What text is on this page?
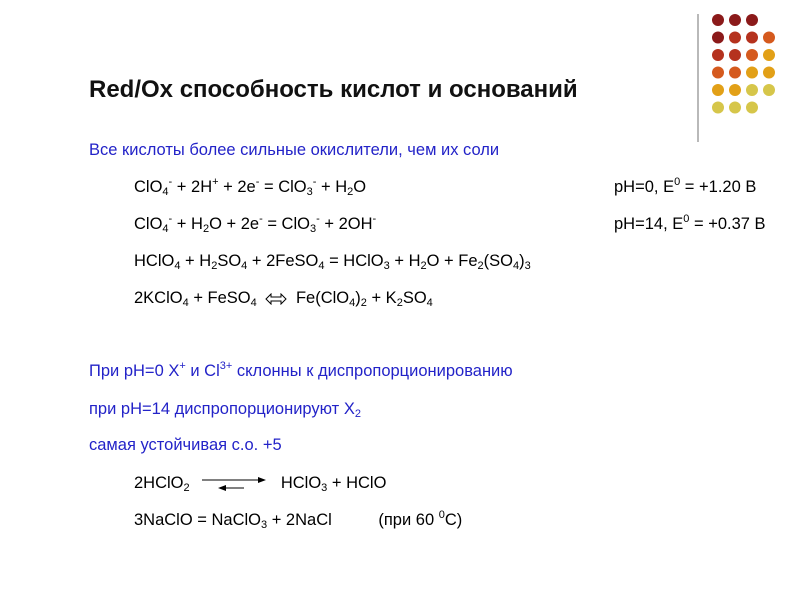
Red/Ox способность кислот и оснований
Все кислоты более сильные окислители, чем их соли
$ClO_4^- + 2H^+ + 2e^- = ClO_3^- + H_2O$	pH=0, $E^0 = +1.20$ В
$ClO_4^- + H_2O + 2e^- = ClO_3^- + 2OH^-$	pH=14, $E^0 = +0.37$ В
HClO$_4$ + $H_2SO_4$ + 2FeSO$_4$ = HClO$_3$ + $H_2O + Fe_2(SO_4)_3$
2KClO$_4$ + FeSO$_4$ $Fe(ClO_4)_2 + K_2SO_4$
При pH=0 X+ и $Cl^{3+}$ склонны к диспропорционированию
при pH=14 диспропорционируют $X_2$
самая устойчивая с.о. +5
2HClO$_2$	HClO$_3$ + HClO
3NaClO = NaClO$_3$ + 2NaCl	(при 60 $^0$C)
